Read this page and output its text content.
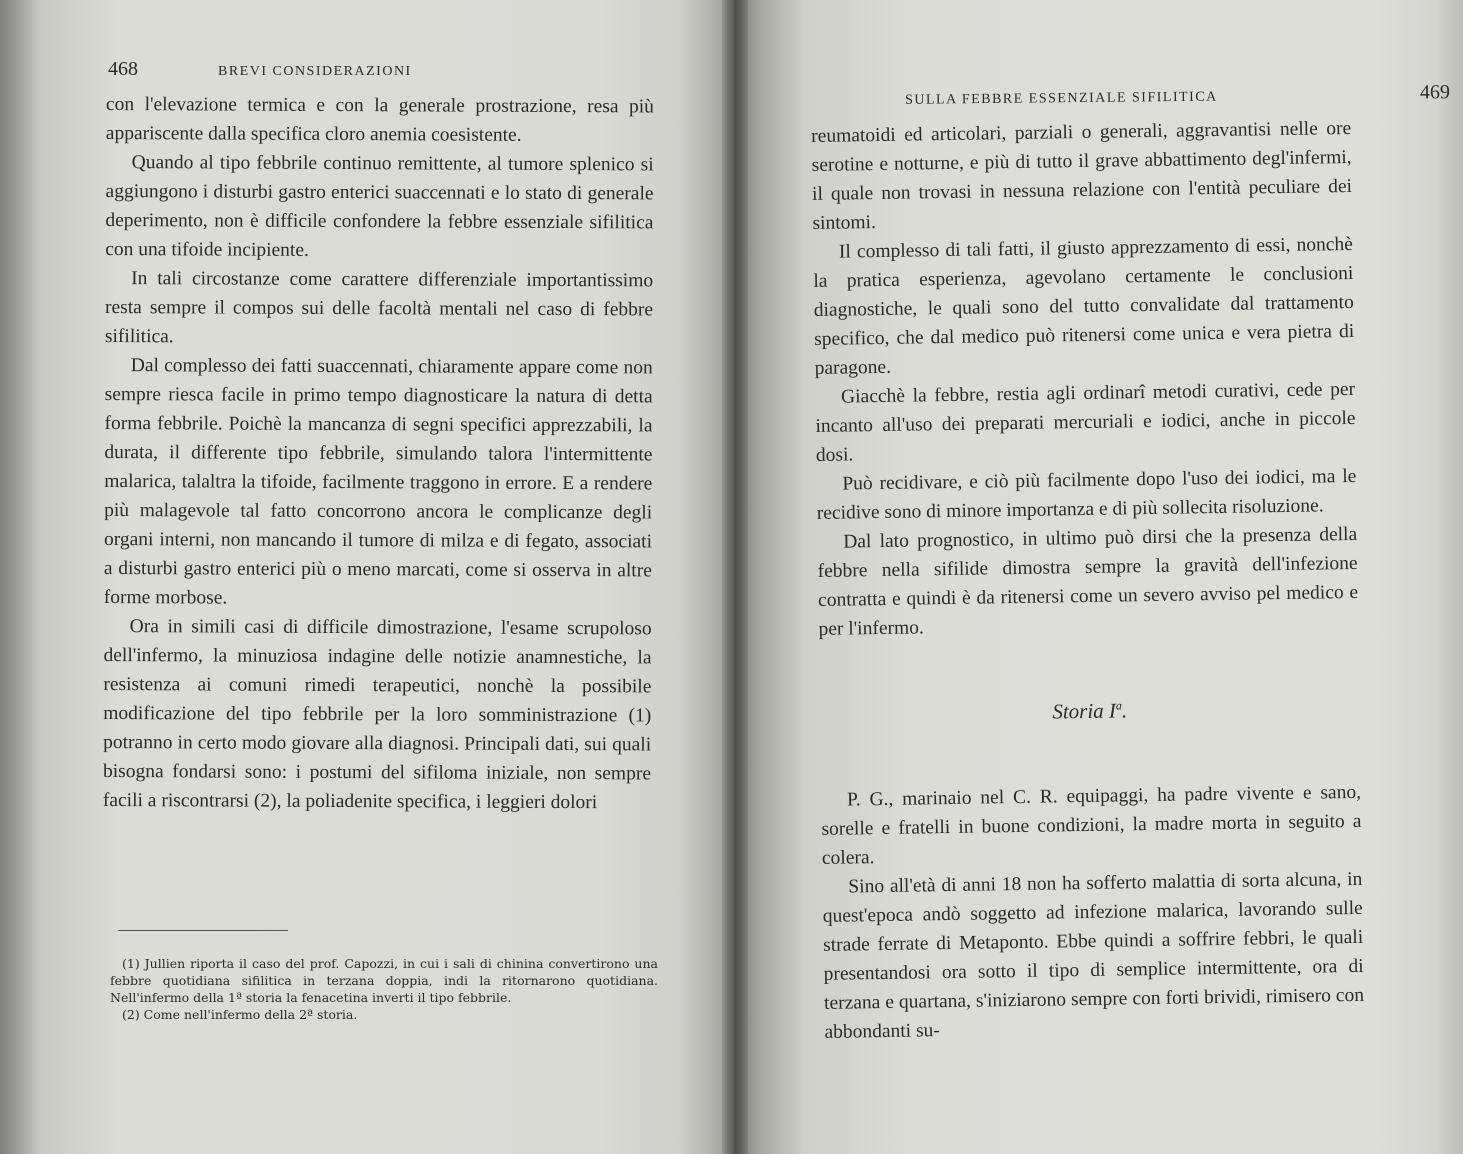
468	BREVI CONSIDERAZIONI

con l'elevazione termica e con la generale prostrazione, resa più appariscente dalla specifica cloro anemia coesistente.

Quando al tipo febbrile continuo remittente, al tumore splenico si aggiungono i disturbi gastro enterici suaccennati e lo stato di generale deperimento, non è difficile confondere la febbre essenziale sifilitica con una tifoide incipiente.

In tali circostanze come carattere differenziale importantissimo resta sempre il compos sui delle facoltà mentali nel caso di febbre sifilitica.

Dal complesso dei fatti suaccennati, chiaramente appare come non sempre riesca facile in primo tempo diagnosticare la natura di detta forma febbrile. Poichè la mancanza di segni specifici apprezzabili, la durata, il differente tipo febbrile, simulando talora l'intermittente malarica, talaltra la tifoide, facilmente traggono in errore. E a rendere più malagevole tal fatto concorrono ancora le complicanze degli organi interni, non mancando il tumore di milza e di fegato, associati a disturbi gastro enterici più o meno marcati, come si osserva in altre forme morbose.

Ora in simili casi di difficile dimostrazione, l'esame scrupoloso dell'infermo, la minuziosa indagine delle notizie anamnestiche, la resistenza ai comuni rimedi terapeutici, nonchè la possibile modificazione del tipo febbrile per la loro somministrazione (1) potranno in certo modo giovare alla diagnosi. Principali dati, sui quali bisogna fondarsi sono: i postumi del sifiloma iniziale, non sempre facili a riscontrarsi (2), la poliadenite specifica, i leggieri dolori

(1) Jullien riporta il caso del prof. Capozzi, in cui i sali di chinina convertirono una febbre quotidiana sifilitica in terzana doppia, indi la ritornarono quotidiana. Nell'infermo della 1ª storia la fenacetina inverti il tipo febbrile.

(2) Come nell'infermo della 2ª storia.

SULLA FEBBRE ESSENZIALE SIFILITICA	469

reumatoidi ed articolari, parziali o generali, aggravantisi nelle ore serotine e notturne, e più di tutto il grave abbattimento degl'infermi, il quale non trovasi in nessuna relazione con l'entità peculiare dei sintomi.

Il complesso di tali fatti, il giusto apprezzamento di essi, nonchè la pratica esperienza, agevolano certamente le conclusioni diagnostiche, le quali sono del tutto convalidate dal trattamento specifico, che dal medico può ritenersi come unica e vera pietra di paragone.

Giacchè la febbre, restia agli ordinarî metodi curativi, cede per incanto all'uso dei preparati mercuriali e iodici, anche in piccole dosi.

Può recidivare, e ciò più facilmente dopo l'uso dei iodici, ma le recidive sono di minore importanza e di più sollecita risoluzione.

Dal lato prognostico, in ultimo può dirsi che la presenza della febbre nella sifilide dimostra sempre la gravità dell'infezione contratta e quindi è da ritenersi come un severo avviso pel medico e per l'infermo.

Storia $I^a$.

P. G., marinaio nel C. R. equipaggi, ha padre vivente e sano, sorelle e fratelli in buone condizioni, la madre morta in seguito a colera.

Sino all'età di anni 18 non ha sofferto malattia di sorta alcuna, in quest'epoca andò soggetto ad infezione malarica, lavorando sulle strade ferrate di Metaponto. Ebbe quindi a soffrire febbri, le quali presentandosi ora sotto il tipo di semplice intermittente, ora di terzana e quartana, s'iniziarono sempre con forti brividi, rimisero con abbondanti su-
